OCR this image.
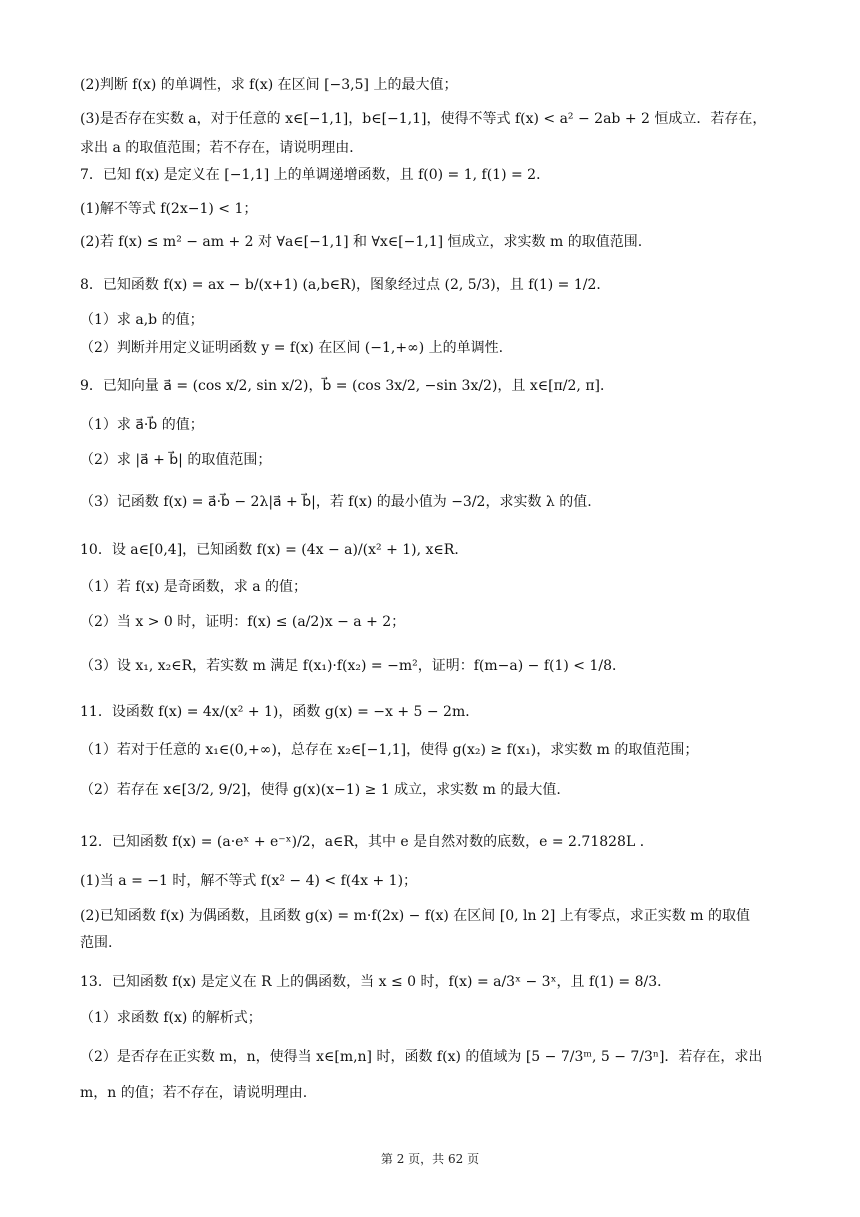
(2)判断 f(x) 的单调性，求 f(x) 在区间 [−3,5] 上的最大值；
(3)是否存在实数 a，对于任意的 x∈[−1,1]，b∈[−1,1]，使得不等式 f(x) < a² − 2ab + 2 恒成立．若存在，
求出 a 的取值范围；若不存在，请说明理由．
7．已知 f(x) 是定义在 [−1,1] 上的单调递增函数，且 f(0) = 1, f(1) = 2．
(1)解不等式 f(2x−1) < 1；
(2)若 f(x) ≤ m² − am + 2 对 ∀a∈[−1,1] 和 ∀x∈[−1,1] 恒成立，求实数 m 的取值范围.
8．已知函数 f(x) = ax − b/(x+1) (a,b∈R)，图象经过点 (2, 5/3)，且 f(1) = 1/2．
（1）求 a,b 的值；
（2）判断并用定义证明函数 y = f(x) 在区间 (−1,+∞) 上的单调性.
9．已知向量 a⃗ = (cos x/2, sin x/2)，b⃗ = (cos 3x/2, −sin 3x/2)，且 x∈[π/2, π]．
（1）求 a⃗·b⃗ 的值；
（2）求 |a⃗ + b⃗| 的取值范围；
（3）记函数 f(x) = a⃗·b⃗ − 2λ|a⃗ + b⃗|，若 f(x) 的最小值为 −3/2，求实数 λ 的值.
10．设 a∈[0,4]，已知函数 f(x) = (4x − a)/(x² + 1), x∈R．
（1）若 f(x) 是奇函数，求 a 的值；
（2）当 x > 0 时，证明：f(x) ≤ (a/2)x − a + 2；
（3）设 x₁, x₂∈R，若实数 m 满足 f(x₁)·f(x₂) = −m²，证明：f(m−a) − f(1) < 1/8．
11．设函数 f(x) = 4x/(x² + 1)，函数 g(x) = −x + 5 − 2m．
（1）若对于任意的 x₁∈(0,+∞)，总存在 x₂∈[−1,1]，使得 g(x₂) ≥ f(x₁)，求实数 m 的取值范围；
（2）若存在 x∈[3/2, 9/2]，使得 g(x)(x−1) ≥ 1 成立，求实数 m 的最大值.
12．已知函数 f(x) = (a·eˣ + e⁻ˣ)/2，a∈R，其中 e 是自然对数的底数，e = 2.71828L ．
(1)当 a = −1 时，解不等式 f(x² − 4) < f(4x + 1)；
(2)已知函数 f(x) 为偶函数，且函数 g(x) = m·f(2x) − f(x) 在区间 [0, ln 2] 上有零点，求正实数 m 的取值
范围.
13．已知函数 f(x) 是定义在 R 上的偶函数，当 x ≤ 0 时，f(x) = a/3ˣ − 3ˣ，且 f(1) = 8/3．
（1）求函数 f(x) 的解析式；
（2）是否存在正实数 m，n，使得当 x∈[m,n] 时，函数 f(x) 的值域为 [5 − 7/3ᵐ, 5 − 7/3ⁿ]．若存在，求出
m，n 的值；若不存在，请说明理由.
第 2 页，共 62 页
